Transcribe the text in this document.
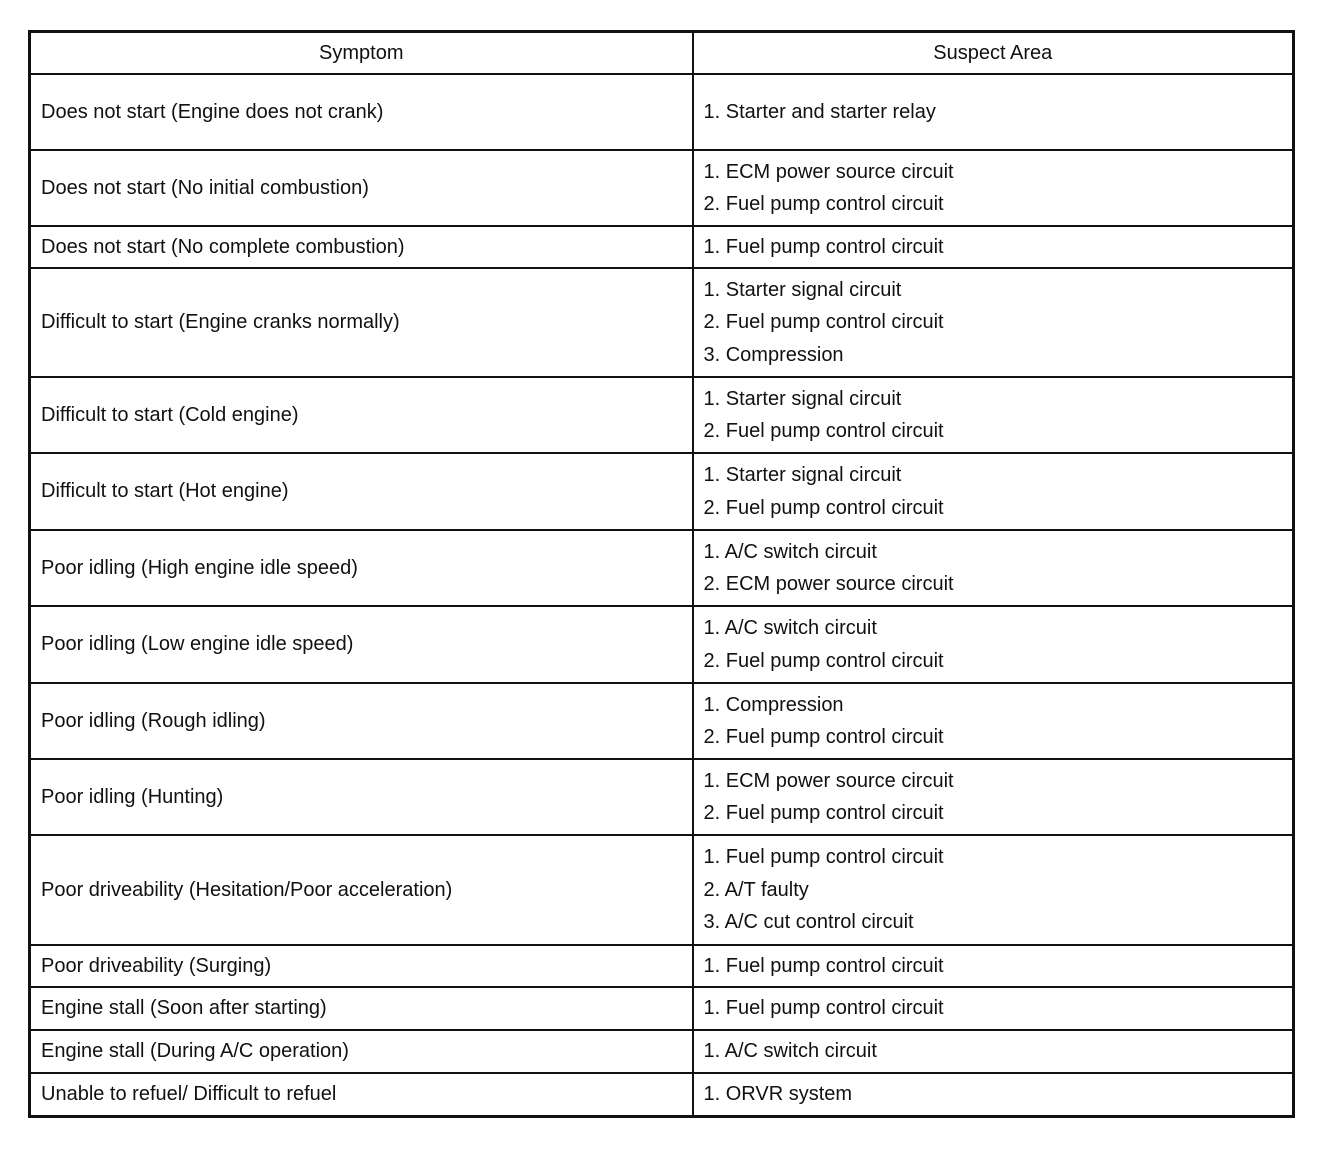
Symptom	Suspect Area
Does not start (Engine does not crank)	1. Starter and starter relay

Does not start (No initial combustion)	1. ECM power source circuit
2. Fuel pump control circuit

Does not start (No complete combustion)	1. Fuel pump control circuit

Difficult to start (Engine cranks normally)	1. Starter signal circuit
2. Fuel pump control circuit
3. Compression

Difficult to start (Cold engine)	1. Starter signal circuit
2. Fuel pump control circuit

Difficult to start (Hot engine)	1. Starter signal circuit
2. Fuel pump control circuit

Poor idling (High engine idle speed)	1. A/C switch circuit
2. ECM power source circuit

Poor idling (Low engine idle speed)	1. A/C switch circuit
2. Fuel pump control circuit

Poor idling (Rough idling)	1. Compression
2. Fuel pump control circuit

Poor idling (Hunting)	1. ECM power source circuit
2. Fuel pump control circuit

Poor driveability (Hesitation/Poor acceleration)	1. Fuel pump control circuit
2. A/T faulty
3. A/C cut control circuit

Poor driveability (Surging)	1. Fuel pump control circuit

Engine stall (Soon after starting)	1. Fuel pump control circuit

Engine stall (During A/C operation)	1. A/C switch circuit

Unable to refuel/ Difficult to refuel	1. ORVR system
